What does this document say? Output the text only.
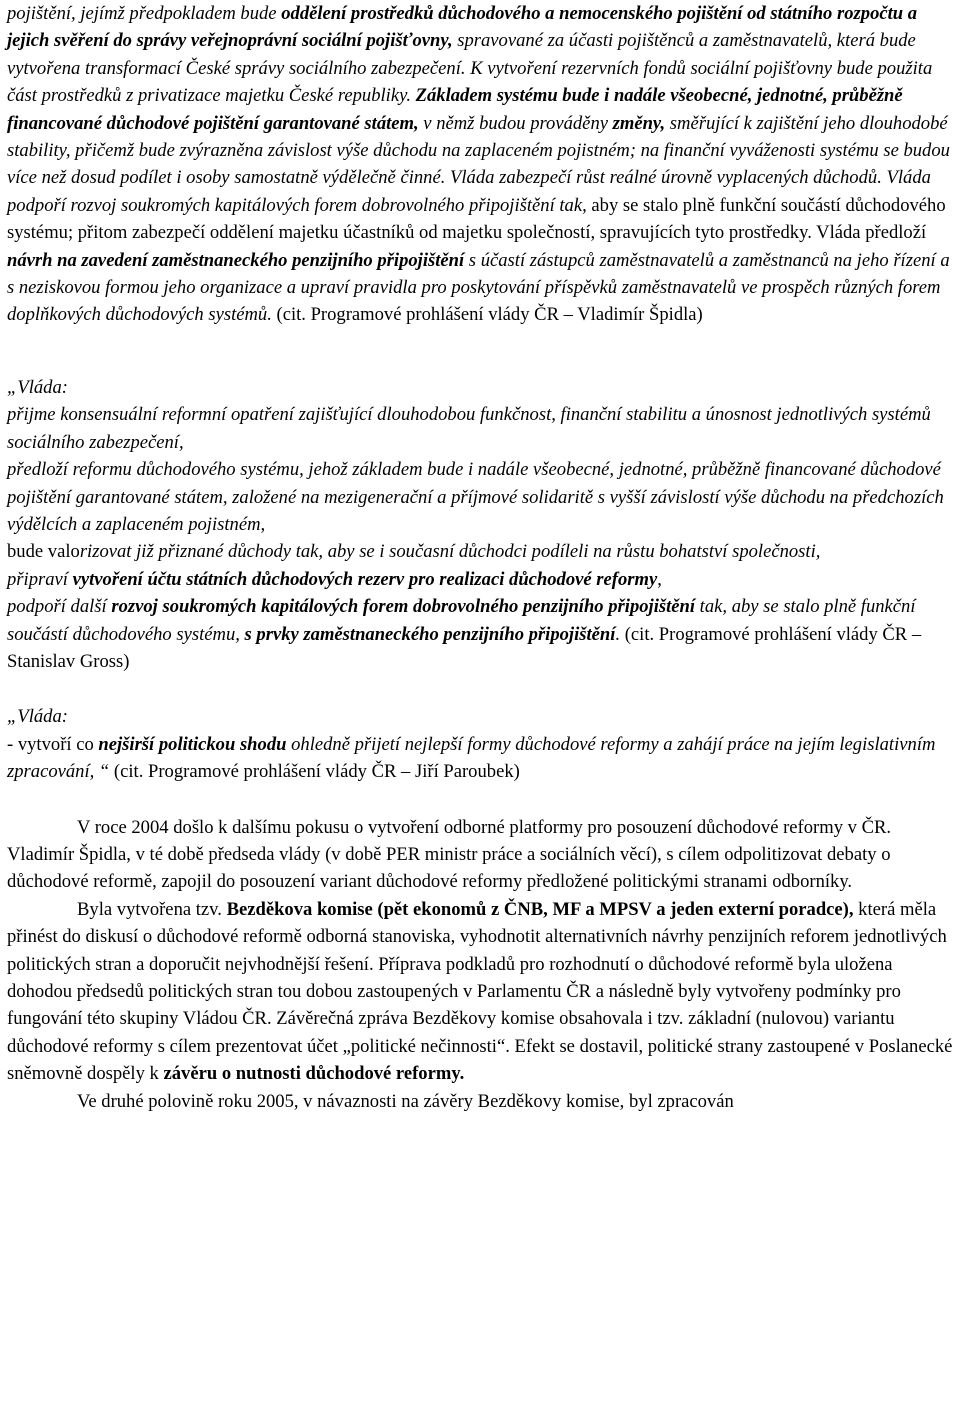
pojištění, jejímž předpokladem bude oddělení prostředků důchodového a nemocenského pojištění od státního rozpočtu a jejich svěření do správy veřejnoprávní sociální pojišťovny, spravované za účasti pojištěnců a zaměstnavatelů, která bude vytvořena transformací České správy sociálního zabezpečení. K vytvoření rezervních fondů sociální pojišťovny bude použita část prostředků z privatizace majetku České republiky. Základem systému bude i nadále všeobecné, jednotné, průběžně financované důchodové pojištění garantované státem, v němž budou prováděny změny, směřující k zajištění jeho dlouhodobé stability, přičemž bude zvýrazněna závislost výše důchodu na zaplaceném pojistném; na finanční vyváženosti systému se budou více než dosud podílet i osoby samostatně výdělečně činné. Vláda zabezpečí růst reálné úrovně vyplacených důchodů. Vláda podpoří rozvoj soukromých kapitálových forem dobrovolného připojištění tak, aby se stalo plně funkční součástí důchodového systému; přitom zabezpečí oddělení majetku účastníků od majetku společností, spravujících tyto prostředky. Vláda předloží návrh na zavedení zaměstnaneckého penzijního připojištění s účastí zástupců zaměstnavatelů a zaměstnanců na jeho řízení a s neziskovou formou jeho organizace a upraví pravidla pro poskytování příspěvků zaměstnavatelů ve prospěch různých forem doplňkových důchodových systémů. (cit. Programové prohlášení vlády ČR – Vladimír Špidla)

„Vláda:

přijme konsensuální reformní opatření zajišťující dlouhodobou funkčnost, finanční stabilitu a únosnost jednotlivých systémů sociálního zabezpečení,

předloží reformu důchodového systému, jehož základem bude i nadále všeobecné, jednotné, průběžně financované důchodové pojištění garantované státem, založené na mezigenerační a příjmové solidaritě s vyšší závislostí výše důchodu na předchozích výdělcích a zaplaceném pojistném,

bude valorizovat již přiznané důchody tak, aby se i současní důchodci podíleli na růstu bohatství společnosti,

připraví vytvoření účtu státních důchodových rezerv pro realizaci důchodové reformy,

podpoří další rozvoj soukromých kapitálových forem dobrovolného penzijního připojištění tak, aby se stalo plně funkční součástí důchodového systému, s prvky zaměstnaneckého penzijního připojištění. (cit. Programové prohlášení vlády ČR – Stanislav Gross)

„Vláda:

- vytvoří co nejširší politickou shodu ohledně přijetí nejlepší formy důchodové reformy a zahájí práce na jejím legislativním zpracování, “ (cit. Programové prohlášení vlády ČR – Jiří Paroubek)

V roce 2004 došlo k dalšímu pokusu o vytvoření odborné platformy pro posouzení důchodové reformy v ČR. Vladimír Špidla, v té době předseda vlády (v době PER ministr práce a sociálních věcí), s cílem odpolitizovat debaty o důchodové reformě, zapojil do posouzení variant důchodové reformy předložené politickými stranami odborníky.

Byla vytvořena tzv. Bezděkova komise (pět ekonomů z ČNB, MF a MPSV a jeden externí poradce), která měla přinést do diskusí o důchodové reformě odborná stanoviska, vyhodnotit alternativních návrhy penzijních reforem jednotlivých politických stran a doporučit nejvhodnější řešení. Příprava podkladů pro rozhodnutí o důchodové reformě byla uložena dohodou předsedů politických stran tou dobou zastoupených v Parlamentu ČR a následně byly vytvořeny podmínky pro fungování této skupiny Vládou ČR. Závěrečná zpráva Bezděkovy komise obsahovala i tzv. základní (nulovou) variantu důchodové reformy s cílem prezentovat účet „politické nečinnosti“. Efekt se dostavil, politické strany zastoupené v Poslanecké sněmovně dospěly k závěru o nutnosti důchodové reformy.

Ve druhé polovině roku 2005, v návaznosti na závěry Bezděkovy komise, byl zpracován
